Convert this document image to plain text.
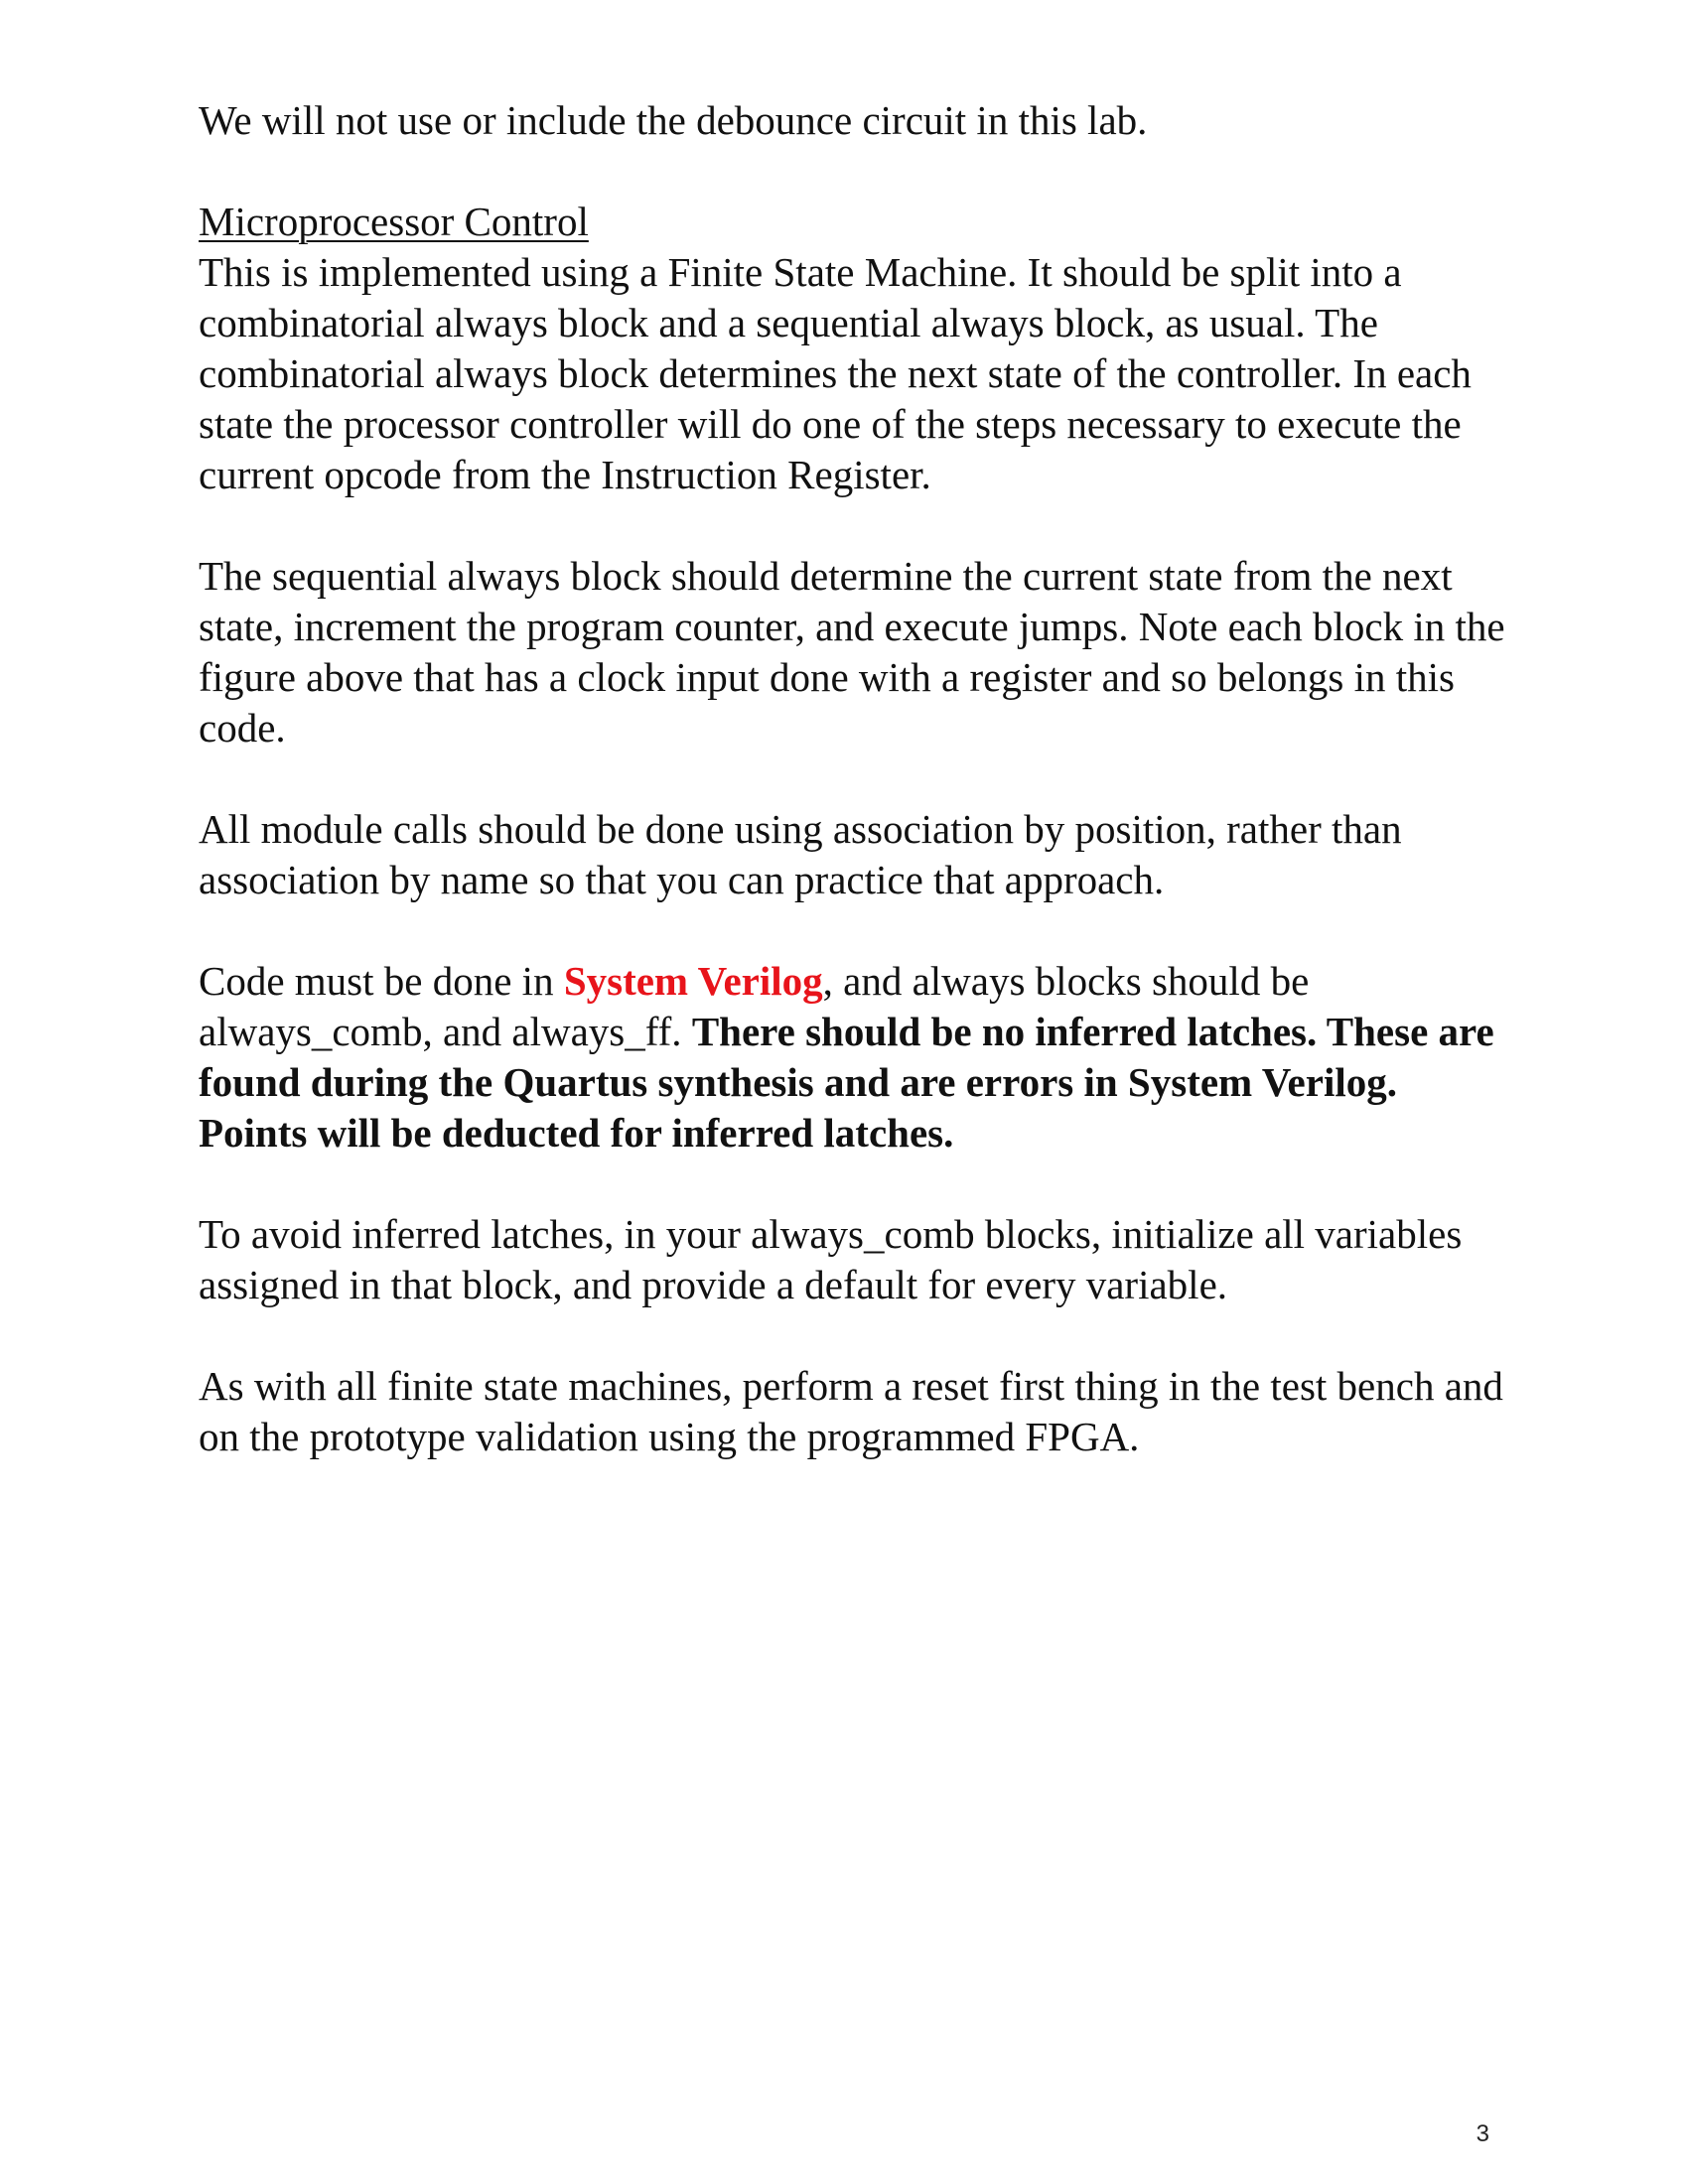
We will not use or include the debounce circuit in this lab.

Microprocessor Control

This is implemented using a Finite State Machine. It should be split into a combinatorial always block and a sequential always block, as usual. The combinatorial always block determines the next state of the controller. In each state the processor controller will do one of the steps necessary to execute the current opcode from the Instruction Register.

The sequential always block should determine the current state from the next state, increment the program counter, and execute jumps. Note each block in the figure above that has a clock input done with a register and so belongs in this code.

All module calls should be done using association by position, rather than association by name so that you can practice that approach.

Code must be done in System Verilog, and always blocks should be always_comb, and always_ff. There should be no inferred latches. These are found during the Quartus synthesis and are errors in System Verilog. Points will be deducted for inferred latches.

To avoid inferred latches, in your always_comb blocks, initialize all variables assigned in that block, and provide a default for every variable.

As with all finite state machines, perform a reset first thing in the test bench and on the prototype validation using the programmed FPGA.

3
